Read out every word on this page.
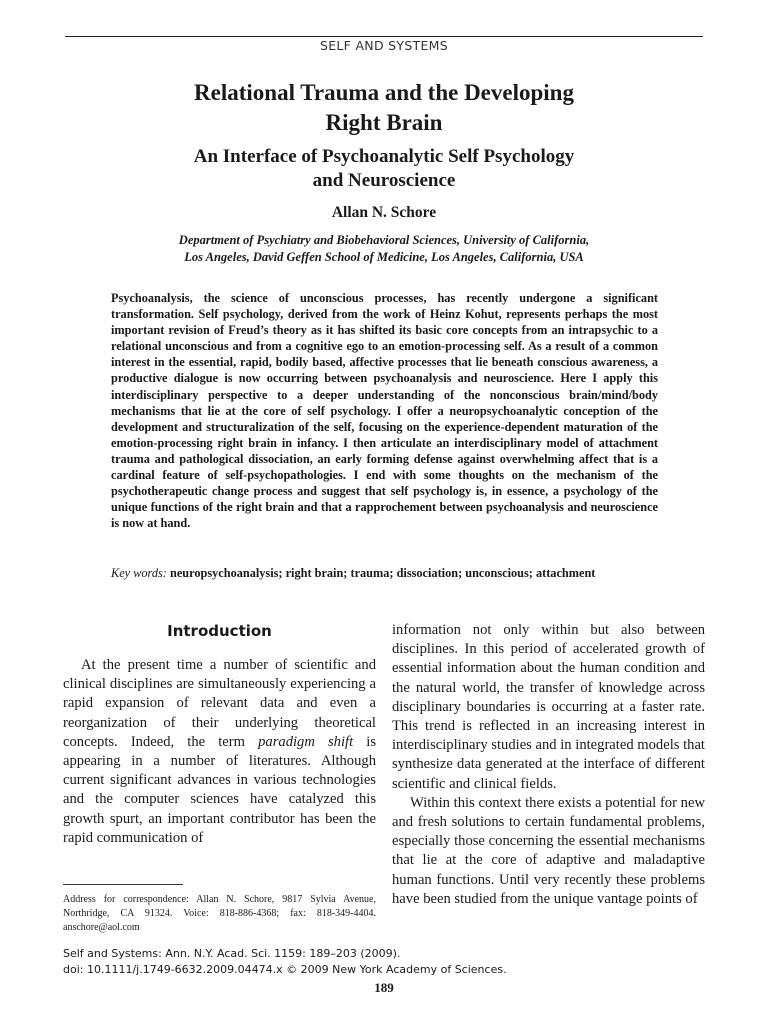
SELF AND SYSTEMS
Relational Trauma and the Developing
Right Brain
An Interface of Psychoanalytic Self Psychology
and Neuroscience
Allan N. Schore
Department of Psychiatry and Biobehavioral Sciences, University of California,
Los Angeles, David Geffen School of Medicine, Los Angeles, California, USA
Psychoanalysis, the science of unconscious processes, has recently undergone a significant transformation. Self psychology, derived from the work of Heinz Kohut, represents perhaps the most important revision of Freud’s theory as it has shifted its basic core concepts from an intrapsychic to a relational unconscious and from a cognitive ego to an emotion-processing self. As a result of a common interest in the essential, rapid, bodily based, affective processes that lie beneath conscious awareness, a productive dialogue is now occurring between psychoanalysis and neuroscience. Here I apply this interdisciplinary perspective to a deeper understanding of the nonconscious brain/mind/body mechanisms that lie at the core of self psychology. I offer a neuropsychoanalytic conception of the development and structuralization of the self, focusing on the experience-dependent maturation of the emotion-processing right brain in infancy. I then articulate an interdisciplinary model of attachment trauma and pathological dissociation, an early forming defense against overwhelming affect that is a cardinal feature of self-psychopathologies. I end with some thoughts on the mechanism of the psychotherapeutic change process and suggest that self psychology is, in essence, a psychology of the unique functions of the right brain and that a rapprochement between psychoanalysis and neuroscience is now at hand.
Key words: neuropsychoanalysis; right brain; trauma; dissociation; unconscious; attachment
Introduction

At the present time a number of scientific and clinical disciplines are simultaneously experiencing a rapid expansion of relevant data and even a reorganization of their underlying theoretical concepts. Indeed, the term paradigm shift is appearing in a number of literatures. Although current significant advances in various technologies and the computer sciences have catalyzed this growth spurt, an important contributor has been the rapid communication of

information not only within but also between disciplines. In this period of accelerated growth of essential information about the human condition and the natural world, the transfer of knowledge across disciplinary boundaries is occurring at a faster rate. This trend is reflected in an increasing interest in interdisciplinary studies and in integrated models that synthesize data generated at the interface of different scientific and clinical fields.

Within this context there exists a potential for new and fresh solutions to certain fundamental problems, especially those concerning the essential mechanisms that lie at the core of adaptive and maladaptive human functions. Until very recently these problems have been studied from the unique vantage points of

Address for correspondence: Allan N. Schore, 9817 Sylvia Avenue, Northridge, CA 91324. Voice: 818-886-4368; fax: 818-349-4404. anschore@aol.com
Self and Systems: Ann. N.Y. Acad. Sci. 1159: 189–203 (2009).
doi: 10.1111/j.1749-6632.2009.04474.x © 2009 New York Academy of Sciences.
189
